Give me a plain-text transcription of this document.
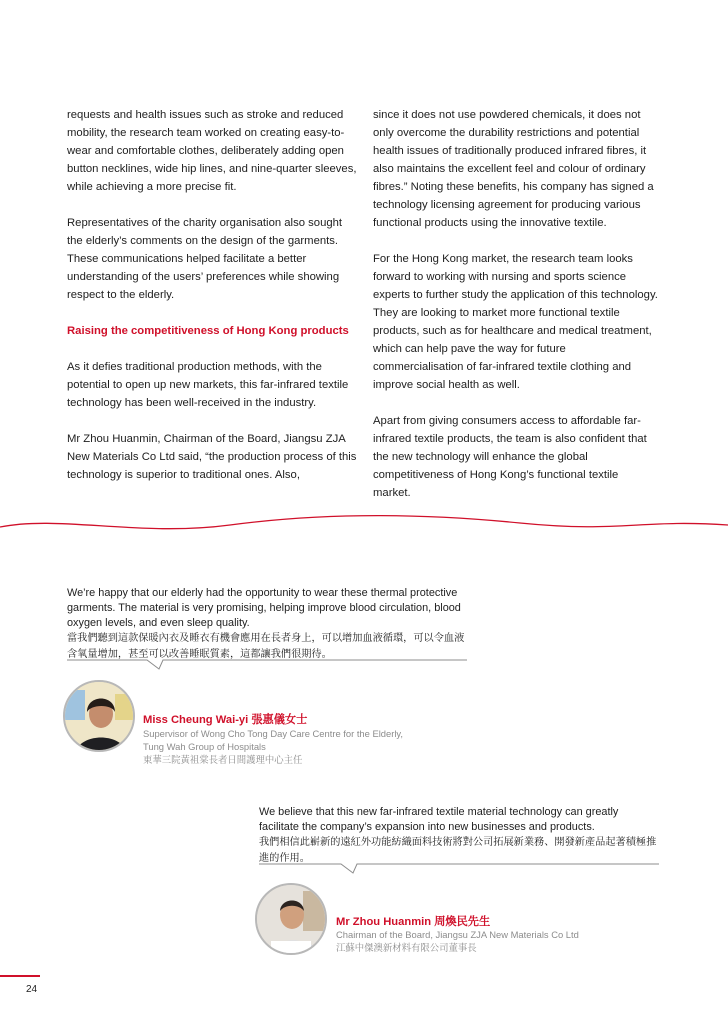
requests and health issues such as stroke and reduced mobility, the research team worked on creating easy-to-wear and comfortable clothes, deliberately adding open button necklines, wide hip lines, and nine-quarter sleeves, while achieving a more precise fit.

Representatives of the charity organisation also sought the elderly’s comments on the design of the garments. These communications helped facilitate a better understanding of the users’ preferences while showing respect to the elderly.

Raising the competitiveness of Hong Kong products

As it defies traditional production methods, with the potential to open up new markets, this far-infrared textile technology has been well-received in the industry.

Mr Zhou Huanmin, Chairman of the Board, Jiangsu ZJA New Materials Co Ltd said, “the production process of this technology is superior to traditional ones. Also,

since it does not use powdered chemicals, it does not only overcome the durability restrictions and potential health issues of traditionally produced infrared fibres, it also maintains the excellent feel and colour of ordinary fibres.” Noting these benefits, his company has signed a technology licensing agreement for producing various functional products using the innovative textile.

For the Hong Kong market, the research team looks forward to working with nursing and sports science experts to further study the application of this technology. They are looking to market more functional textile products, such as for healthcare and medical treatment, which can help pave the way for future commercialisation of far-infrared textile clothing and improve social health as well.

Apart from giving consumers access to affordable far-infrared textile products, the team is also confident that the new technology will enhance the global competitiveness of Hong Kong’s functional textile market.

We’re happy that our elderly had the opportunity to wear these thermal protective garments. The material is very promising, helping improve blood circulation, blood oxygen levels, and even sleep quality.

當我們聽到這款保暖內衣及睡衣有機會應用在長者身上，可以增加血液循環，可以令血液含氧量增加，甚至可以改善睡眠質素，這都讓我們很期待。

Miss Cheung Wai-yi 張惠儀女士

Supervisor of Wong Cho Tong Day Care Centre for the Elderly,

Tung Wah Group of Hospitals

東華三院黃祖棠長者日間護理中心主任

We believe that this new far-infrared textile material technology can greatly facilitate the company’s expansion into new businesses and products.

我們相信此嶄新的遠紅外功能紡織面料技術將對公司拓展新業務、開發新產品起著積極推進的作用。

Mr Zhou Huanmin 周煥民先生

Chairman of the Board, Jiangsu ZJA New Materials Co Ltd

江蘇中傑澳新材料有限公司董事長

24
